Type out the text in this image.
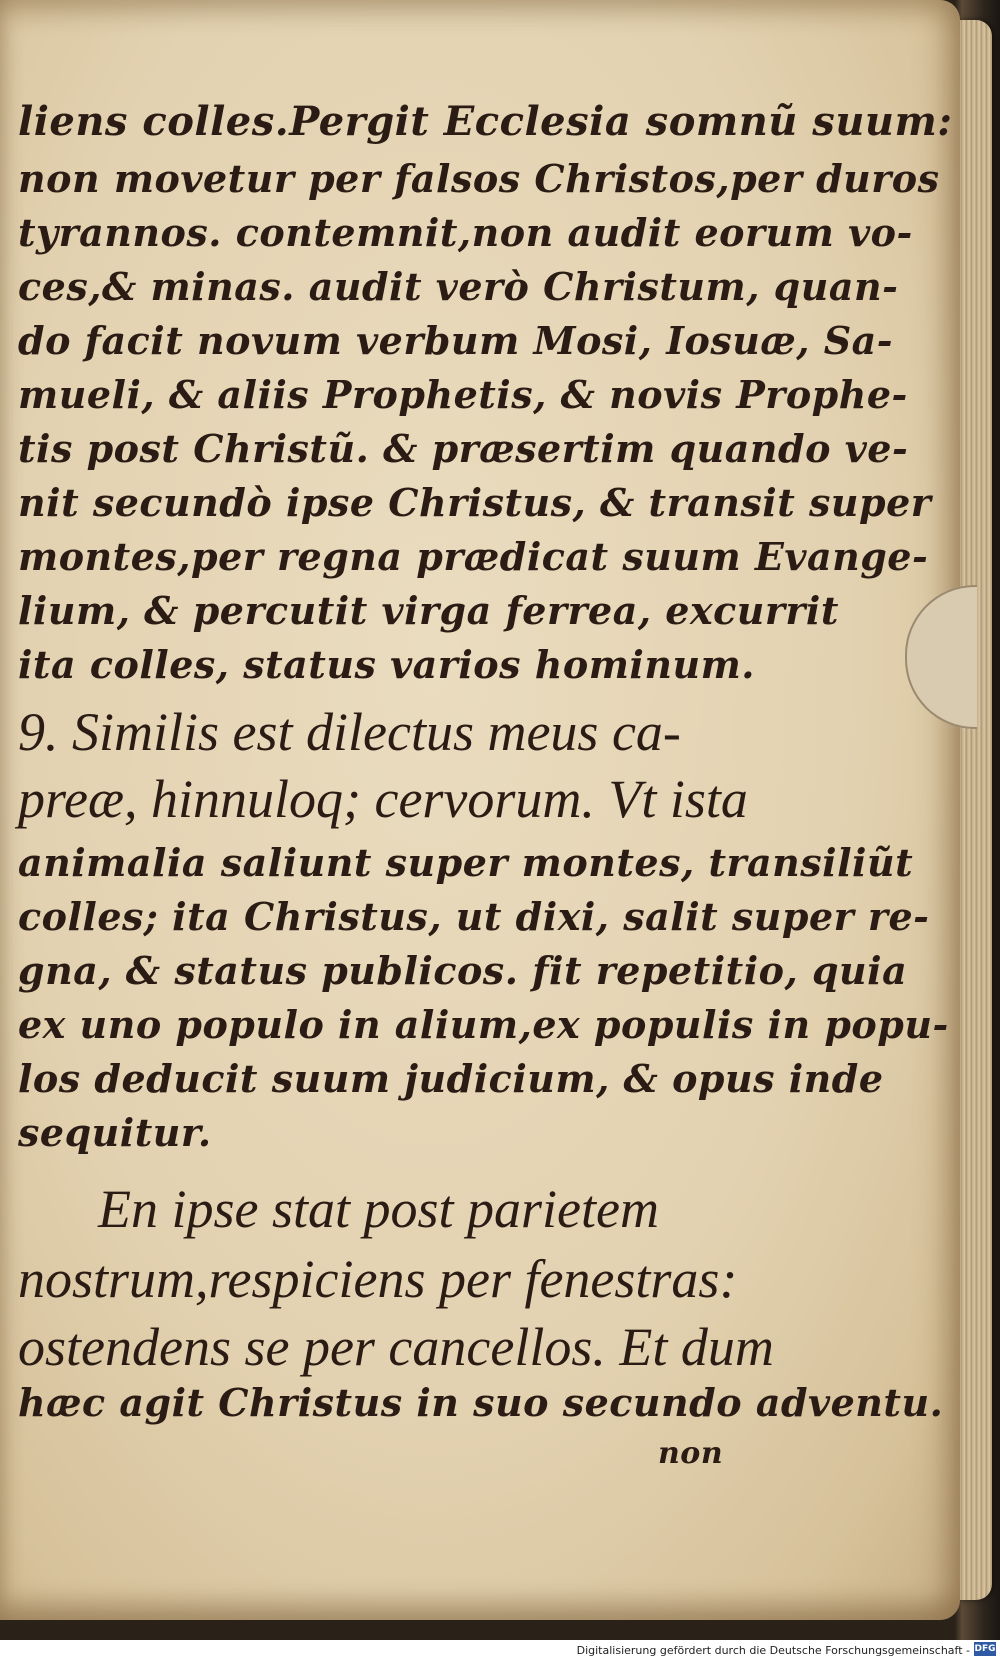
liens colles.Pergit Ecclesia somnũ suum:
non movetur per falsos Christos,per duros
tyrannos. contemnit,non audit eorum vo-
ces,& minas. audit verò Christum, quan-
do facit novum verbum Mosi, Iosuæ, Sa-
mueli, & aliis Prophetis, & novis Prophe-
tis post Christũ. & præsertim quando ve-
nit secundò ipse Christus, & transit super
montes,per regna prædicat suum Evange-
lium, & percutit virga ferrea, excurrit
ita colles, status varios hominum.
9. Similis est dilectus meus ca-
preæ, hinnuloq; cervorum. Vt ista
animalia saliunt super montes, transiliũt
colles; ita Christus, ut dixi, salit super re-
gna, & status publicos. fit repetitio, quia
ex uno populo in alium,ex populis in popu-
los deducit suum judicium, & opus inde
sequitur.
En ipse stat post parietem
nostrum,respiciens per fenestras:
ostendens se per cancellos. Et dum
hæc agit Christus in suo secundo adventu.
non
Digitalisierung gefördert durch die Deutsche Forschungsgemeinschaft - DFG
